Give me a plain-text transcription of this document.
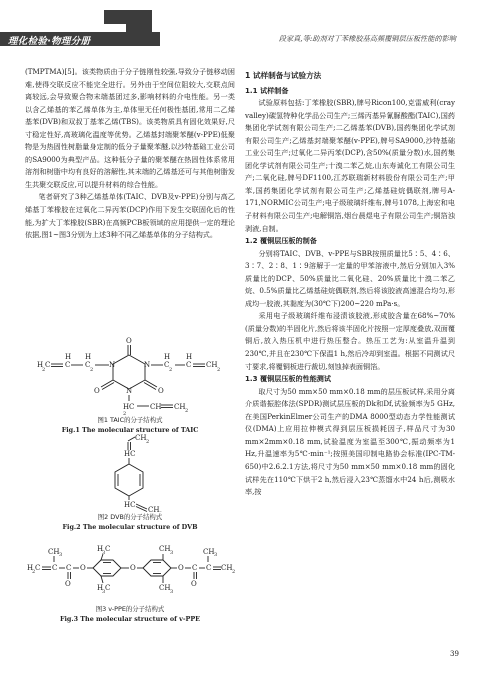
理化检验·物理分册	段家真,等:助剂对丁苯橡胶基高频覆铜层压板性能的影响

(TMPTMA)[5]。该类物质由于分子链刚性较强,导致分子链移动困难,使得交联反应不能完全进行。另外由于空间位阻较大,交联点间离较远,会导致聚合物末端基团过多,影响材料的介电性能。另一类以含乙烯基的苯乙烯单体为主,单体里无任何极性基团,常用二乙烯基苯(DVB)和双叔丁基苯乙烯(TBS)。该类物质具有固化效果好,尺寸稳定性好,高玻璃化温度等优势。乙烯基封端聚苯醚(v-PPE)低聚物是为热固性树脂量身定制的低分子量聚苯醚,以沙特基础工业公司的SA9000为典型产品。这种低分子量的聚苯醚在热固性体系常用溶剂和树脂中均有良好的溶解性,其末端的乙烯基还可与其他树脂发生共聚交联反应,可以提升材料的综合性能。

笔者研究了3种乙烯基单体(TAIC、DVB及v-PPE)分别与高乙烯基丁苯橡胶在过氧化二异丙苯(DCP)作用下发生交联固化后的性能,为扩大丁苯橡胶(SBR)在高频PCB板领域的应用提供一定的理论依据,图1~图3分别为上述3种不同乙烯基单体的分子结构式。

O
N	N
N
O	O
H
C
2
H
C
H
2
C
H
C
2
H
C CH
2
H
2
C CH CH 2
图1 TAIC的分子结构式
Fig.1 The molecular structure of TAIC
CH 2
HC
HC
CH
图2 DVB的分子结构式
Fig.2 The molecular structure of DVB
H
2 C C
CH 3
C
O
O
H
3 C
H
3 C
O
CH 3
CH 3
O C
O
C
CH 3
CH 2
图3 v-PPE的分子结构式
Fig.3 The molecular structure of v-PPE
1 试样制备与试验方法
1.1 试样制备

试验原料包括:丁苯橡胶(SBR),牌号Ricon100,克雷威利(cray valley)碳氢特种化学品公司生产;三烯丙基异氰脲酸酯(TAIC),国药集团化学试剂有限公司生产;二乙烯基苯(DVB),国药集团化学试剂有限公司生产;乙烯基封端聚苯醚(v-PPE),牌号SA9000,沙特基础工业公司生产;过氧化二异丙苯(DCP),含50%(质量分数)水,国药集团化学试剂有限公司生产;十溴二苯乙烷,山东寿诚化工有限公司生产;二氧化硅,牌号DF1100,江苏联瑞新材料股份有限公司生产;甲苯,国药集团化学试剂有限公司生产;乙烯基硅烷偶联剂,牌号A-171,NORMIC公司生产;电子级玻璃纤维布,牌号1078,上海宏和电子材料有限公司生产;电解铜箔,烟台晨煜电子有限公司生产;铜箔浊剥液,自制。

1.2 覆铜层压板的制备

分别将TAIC、DVB、v-PPE与SBR按照质量比5∶5、4∶6、3∶7、2∶8、1∶9溶解于一定量的甲苯溶液中,然后分别加入3%质量比的DCP、50%质量比二氧化硅、20%质量比十溴二苯乙烷、0.5%质量比乙烯基硅烷偶联剂,然后将该胶液高速混合均匀,形成均一胶液,其黏度为(30℃下)200~220 mPa·s。

采用电子级玻璃纤维布浸渍该胶液,形成胶含量在68%~70%(质量分数)的半固化片,然后将该半固化片按照一定厚度叠放,双面覆铜后,放入热压机中进行热压整合。热压工艺为:从室温升温到230℃,并且在230℃下保温1 h,然后冷却到室温。根据不同测试尺寸要求,将覆铜板进行裁切,刻蚀掉表面铜箔。

1.3 覆铜层压板的性能测试

取尺寸为50 mm×50 mm×0.18 mm的层压板试样,采用分离介质谐振腔体法(SPDR)测试层压板的Dk和Df,试验频率为5 GHz,在美国PerkinElmer公司生产的DMA 8000型动态力学性能测试仪(DMA)上应用拉伸模式得到层压板损耗因子,样品尺寸为30 mm×2mm×0.18 mm,试验温度为室温至300℃,振动频率为1 Hz,升温速率为5℃·min⁻¹;按照美国印制电路协会标准(IPC-TM-650)中2.6.2.1方法,将尺寸为50 mm×50 mm×0.18 mm的固化试样先在110℃下烘干2 h,然后浸入23℃蒸馏水中24 h后,测吸水率,按

39
